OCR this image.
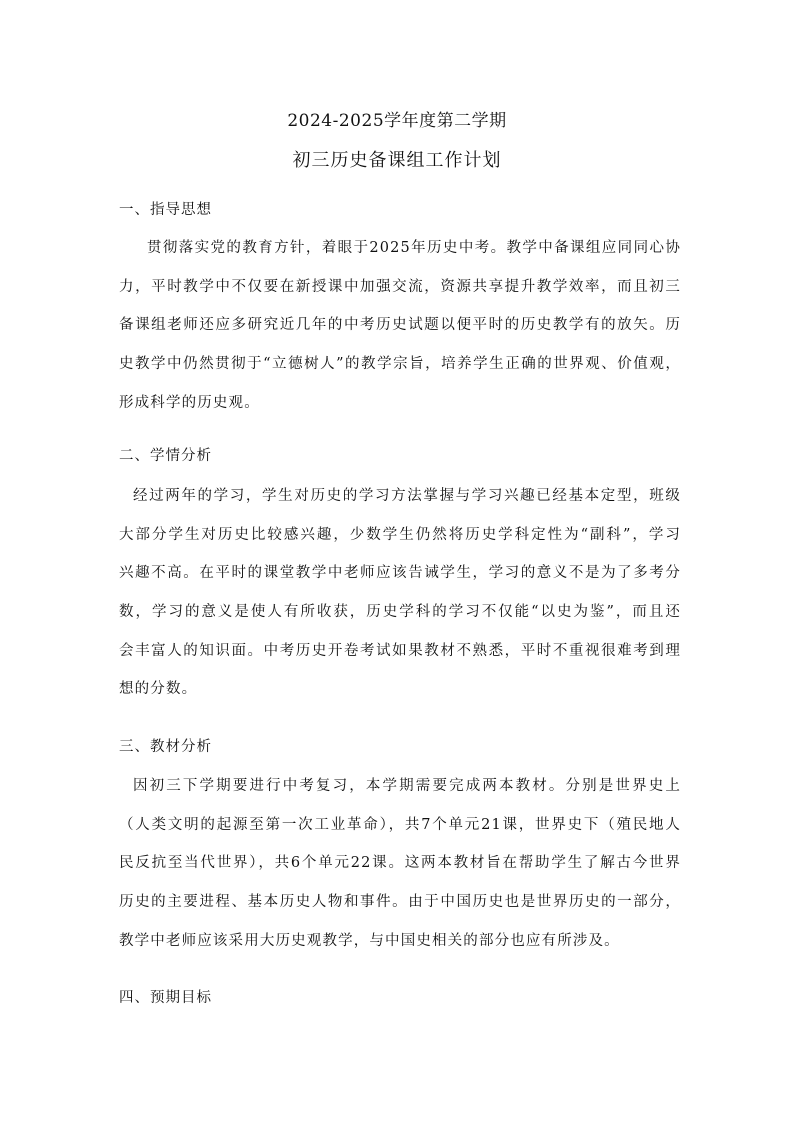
2024-2025学年度第二学期
初三历史备课组工作计划
一、指导思想
贯彻落实党的教育方针，着眼于2025年历史中考。教学中备课组应同同心协
力，平时教学中不仅要在新授课中加强交流，资源共享提升教学效率，而且初三
备课组老师还应多研究近几年的中考历史试题以便平时的历史教学有的放矢。历
史教学中仍然贯彻于“立德树人”的教学宗旨，培养学生正确的世界观、价值观，
形成科学的历史观。
二、学情分析
经过两年的学习，学生对历史的学习方法掌握与学习兴趣已经基本定型，班级
大部分学生对历史比较感兴趣，少数学生仍然将历史学科定性为“副科”，学习
兴趣不高。在平时的课堂教学中老师应该告诫学生，学习的意义不是为了多考分
数，学习的意义是使人有所收获，历史学科的学习不仅能“以史为鉴”，而且还
会丰富人的知识面。中考历史开卷考试如果教材不熟悉，平时不重视很难考到理
想的分数。
三、教材分析
因初三下学期要进行中考复习，本学期需要完成两本教材。分别是世界史上
（人类文明的起源至第一次工业革命），共7个单元21课，世界史下（殖民地人
民反抗至当代世界），共6个单元22课。这两本教材旨在帮助学生了解古今世界
历史的主要进程、基本历史人物和事件。由于中国历史也是世界历史的一部分，
教学中老师应该采用大历史观教学，与中国史相关的部分也应有所涉及。
四、预期目标
